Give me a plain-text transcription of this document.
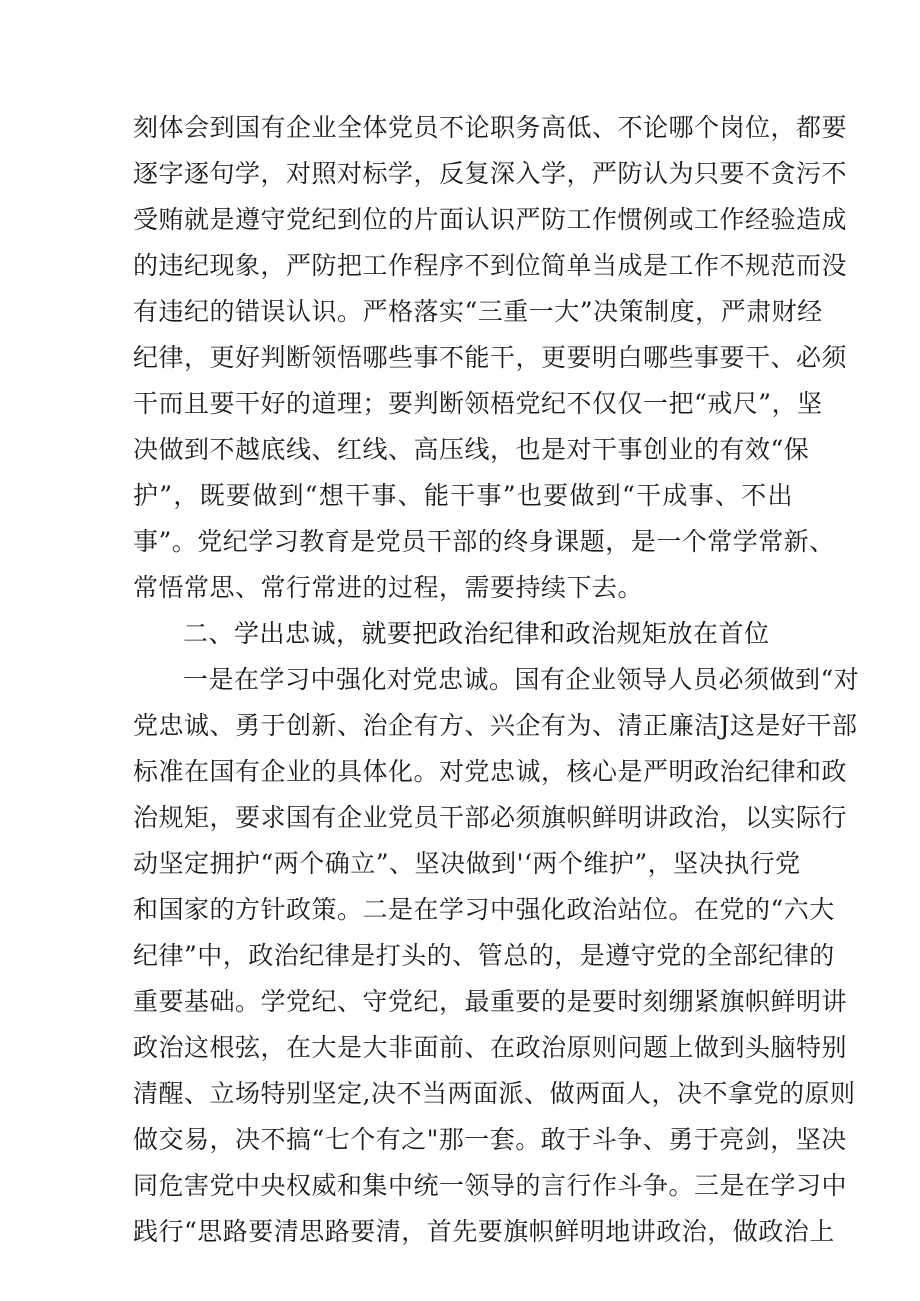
刻体会到国有企业全体党员不论职务高低、不论哪个岗位，都要
逐字逐句学，对照对标学，反复深入学，严防认为只要不贪污不
受贿就是遵守党纪到位的片面认识严防工作惯例或工作经验造成
的违纪现象，严防把工作程序不到位简单当成是工作不规范而没
有违纪的错误认识。严格落实“三重一大”决策制度，严肃财经
纪律，更好判断领悟哪些事不能干，更要明白哪些事要干、必须
干而且要干好的道理；要判断领梧党纪不仅仅一把“戒尺”，坚
决做到不越底线、红线、高压线，也是对干事创业的有效“保
护”，既要做到“想干事、能干事”也要做到“干成事、不出
事”。党纪学习教育是党员干部的终身课题，是一个常学常新、
常悟常思、常行常进的过程，需要持续下去。
二、学出忠诚，就要把政治纪律和政治规矩放在首位
一是在学习中强化对党忠诚。国有企业领导人员必须做到“对
党忠诚、勇于创新、治企有方、兴企有为、清正廉洁J这是好干部
标准在国有企业的具体化。对党忠诚，核心是严明政治纪律和政
治规矩，要求国有企业党员干部必须旗帜鲜明讲政治，以实际行
动坚定拥护“两个确立”、坚决做到'‘两个维护”，坚决执行党
和国家的方针政策。二是在学习中强化政治站位。在党的“六大
纪律”中，政治纪律是打头的、管总的，是遵守党的全部纪律的
重要基础。学党纪、守党纪，最重要的是要时刻绷紧旗帜鲜明讲
政治这根弦，在大是大非面前、在政治原则问题上做到头脑特别
清醒、立场特别坚定,决不当两面派、做两面人，决不拿党的原则
做交易，决不搞“七个有之"那一套。敢于斗争、勇于亮剑，坚决
同危害党中央权威和集中统一领导的言行作斗争。三是在学习中
践行“思路要清思路要清，首先要旗帜鲜明地讲政治，做政治上
